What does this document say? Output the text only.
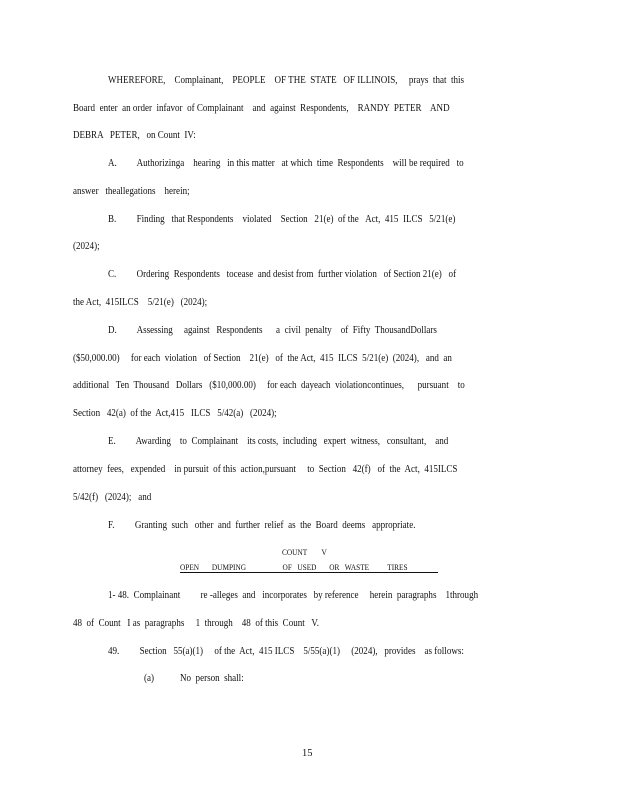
WHEREFORE,    Complainant,    PEOPLE    OF THE  STATE   OF ILLINOIS,     prays  that  this
Board  enter  an order  infavor  of Complainant    and  against  Respondents,    RANDY  PETER    AND
DEBRA   PETER,   on Count  IV:
A.         Authorizinga    hearing   in this matter   at which  time  Respondents    will be required   to
answer   theallegations    herein;
B.         Finding   that Respondents    violated    Section   21(e)  of the   Act,  415  ILCS   5/21(e)
(2024);
C.         Ordering  Respondents   tocease  and desist from  further violation   of Section 21(e)   of
the Act,  415ILCS    5/21(e)   (2024);
D.         Assessing     against   Respondents      a  civil  penalty    of  Fifty  ThousandDollars
($50,000.00)     for each  violation   of Section    21(e)   of  the Act,  415  ILCS  5/21(e)  (2024),   and  an
additional   Ten  Thousand   Dollars   ($10,000.00)     for each  dayeach  violationcontinues,      pursuant    to
Section   42(a)  of the  Act,415   ILCS   5/42(a)   (2024);
E.         Awarding    to  Complainant    its costs,  including   expert  witness,   consultant,    and
attorney  fees,   expended    in pursuit  of this  action,pursuant     to  Section   42(f)   of  the  Act,  415ILCS
5/42(f)   (2024);   and
F.         Granting  such   other  and  further  relief  as  the  Board  deems   appropriate.
COUNT        V
OPEN       DUMPING                    OF   USED       OR   WASTE          TIRES
1- 48.  Complainant         re -alleges  and   incorporates   by reference     herein  paragraphs    1through
48  of  Count   I as  paragraphs     1  through    48  of this  Count   V.
49.         Section   55(a)(1)     of the  Act,  415 ILCS    5/55(a)(1)     (2024),   provides    as follows:
(a) No  person  shall:
15
